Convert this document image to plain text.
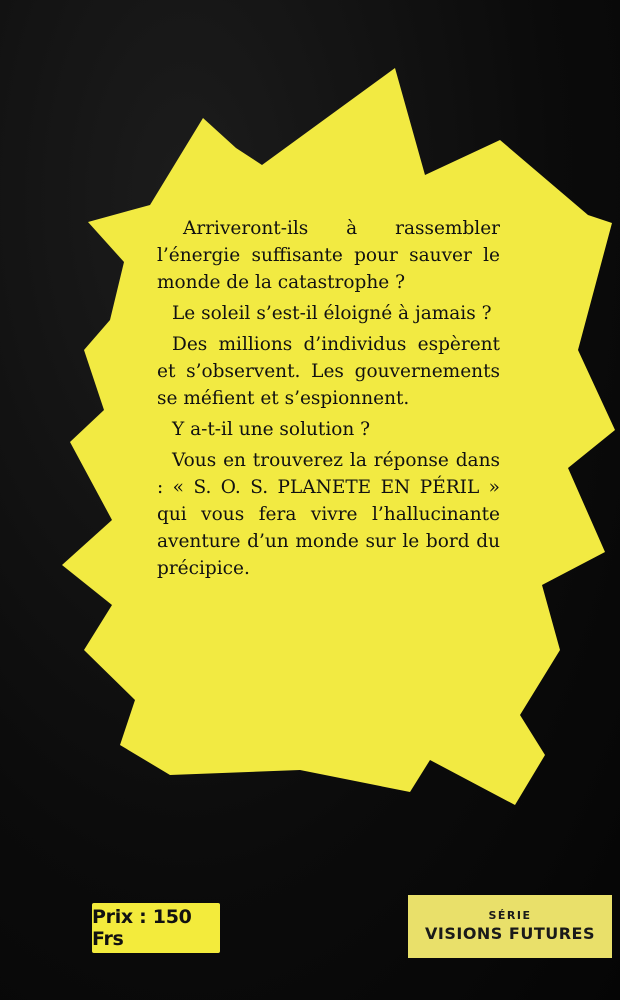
Arriveront-ils à rassembler l’énergie suffisante pour sauver le monde de la catastrophe ?

Le soleil s’est-il éloigné à jamais ?

Des millions d’individus espèrent et s’observent. Les gouvernements se méfient et s’espionnent.

Y a-t-il une solution ?

Vous en trouverez la réponse dans : « S. O. S. PLANETE EN PÉRIL » qui vous fera vivre l’hallucinante aventure d’un monde sur le bord du précipice.

Prix : 150 Frs
SÉRIE
VISIONS FUTURES
